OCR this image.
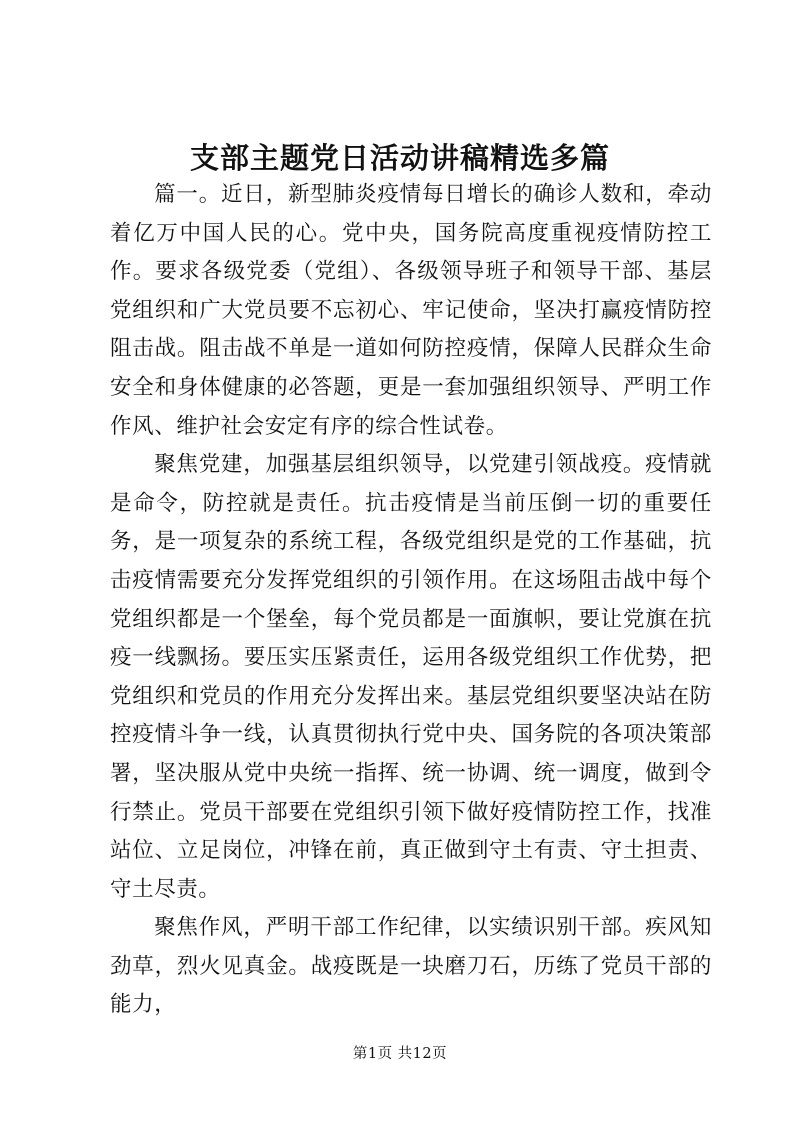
支部主题党日活动讲稿精选多篇

篇一。近日，新型肺炎疫情每日增长的确诊人数和，牵动着亿万中国人民的心。党中央，国务院高度重视疫情防控工作。要求各级党委（党组）、各级领导班子和领导干部、基层党组织和广大党员要不忘初心、牢记使命，坚决打赢疫情防控阻击战。阻击战不单是一道如何防控疫情，保障人民群众生命安全和身体健康的必答题，更是一套加强组织领导、严明工作作风、维护社会安定有序的综合性试卷。

聚焦党建，加强基层组织领导，以党建引领战疫。疫情就是命令，防控就是责任。抗击疫情是当前压倒一切的重要任务，是一项复杂的系统工程，各级党组织是党的工作基础，抗击疫情需要充分发挥党组织的引领作用。在这场阻击战中每个党组织都是一个堡垒，每个党员都是一面旗帜，要让党旗在抗疫一线飘扬。要压实压紧责任，运用各级党组织工作优势，把党组织和党员的作用充分发挥出来。基层党组织要坚决站在防控疫情斗争一线，认真贯彻执行党中央、国务院的各项决策部署，坚决服从党中央统一指挥、统一协调、统一调度，做到令行禁止。党员干部要在党组织引领下做好疫情防控工作，找准站位、立足岗位，冲锋在前，真正做到守土有责、守土担责、守土尽责。

聚焦作风，严明干部工作纪律，以实绩识别干部。疾风知劲草，烈火见真金。战疫既是一块磨刀石，历练了党员干部的能力，

第1页 共12页
